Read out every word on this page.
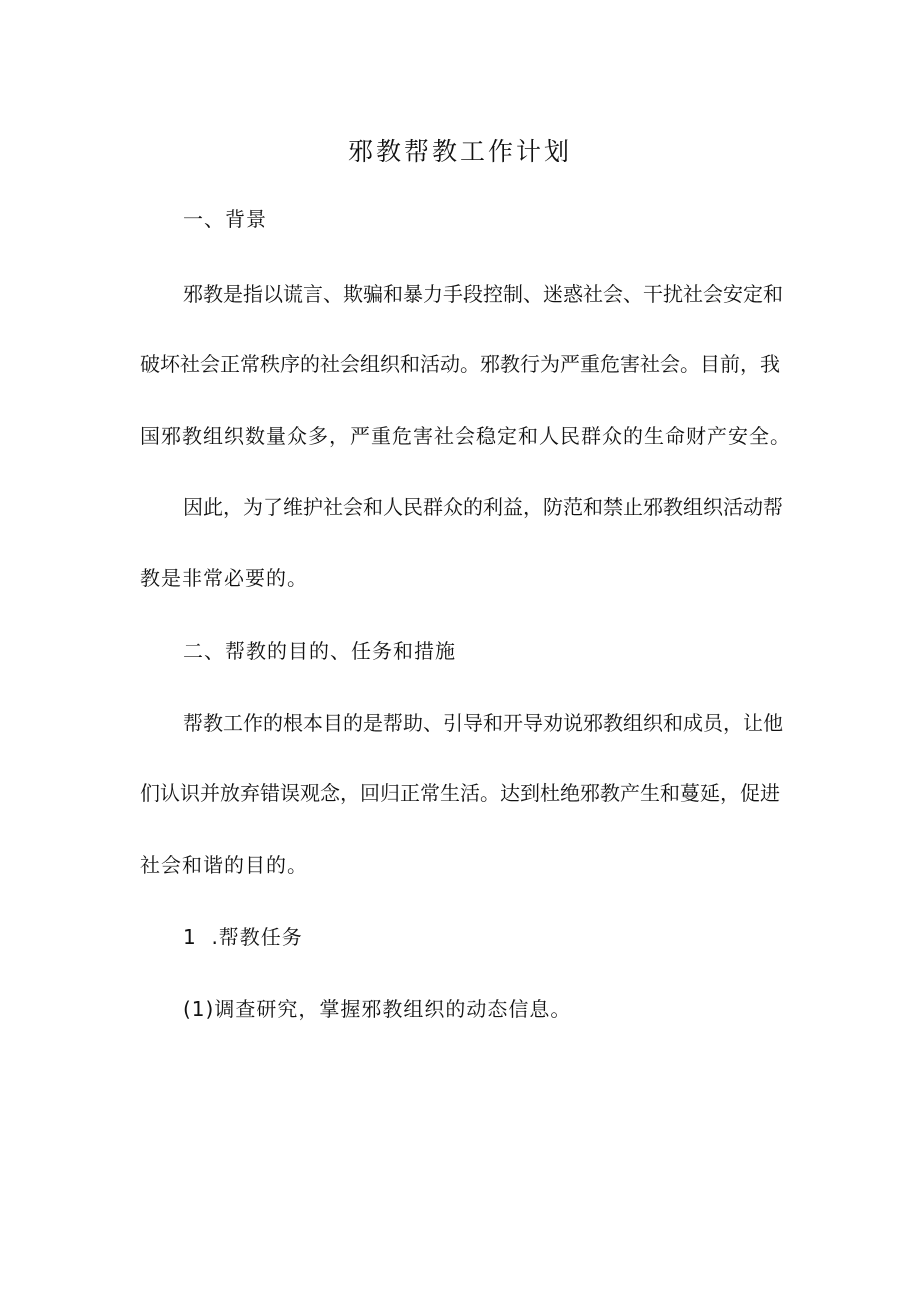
邪教帮教工作计划
一、背景
邪教是指以谎言、欺骗和暴力手段控制、迷惑社会、干扰社会安定和
破坏社会正常秩序的社会组织和活动。邪教行为严重危害社会。目前，我
国邪教组织数量众多，严重危害社会稳定和人民群众的生命财产安全。
因此，为了维护社会和人民群众的利益，防范和禁止邪教组织活动帮
教是非常必要的。
二、帮教的目的、任务和措施
帮教工作的根本目的是帮助、引导和开导劝说邪教组织和成员，让他
们认识并放弃错误观念，回归正常生活。达到杜绝邪教产生和蔓延，促进
社会和谐的目的。
1  .帮教任务
(1)调查研究，掌握邪教组织的动态信息。
